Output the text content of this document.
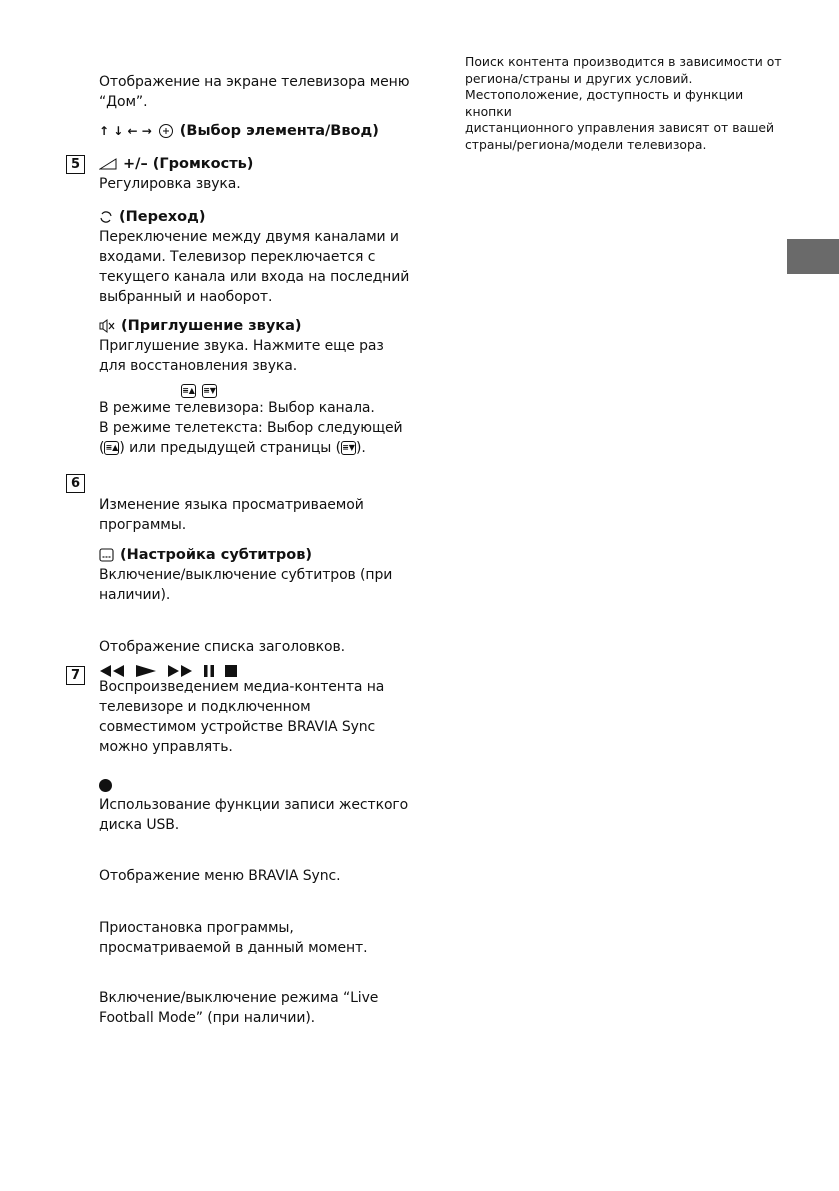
Поиск контента производится в зависимости от

региона/страны и других условий.

Местоположение, доступность и функции кнопки

дистанционного управления зависят от вашей

страны/региона/модели телевизора.

Отображение на экране телевизора меню

“Дом”.

↑ ↓ ← → (Выбор элемента/Ввод)
5	+/– (Громкость)

Регулировка звука.

(Переход)

Переключение между двумя каналами и

входами. Телевизор переключается с

текущего канала или входа на последний

выбранный и наоборот.

(Приглушение звука)

Приглушение звука. Нажмите еще раз

для восстановления звука.

≡▲ ≡▼

В режиме телевизора: Выбор канала.

В режиме телетекста: Выбор следующей

(≡▲) или предыдущей страницы (≡▼).

6

Изменение языка просматриваемой

программы.

(Настройка субтитров)

Включение/выключение субтитров (при

наличии).

Отображение списка заголовков.

7

Воспроизведением медиа-контента на

телевизоре и подключенном

совместимом устройстве BRAVIA Sync

можно управлять.

Использование функции записи жесткого

диска USB.

Отображение меню BRAVIA Sync.

Приостановка программы,

просматриваемой в данный момент.

Включение/выключение режима “Live

Football Mode” (при наличии).
